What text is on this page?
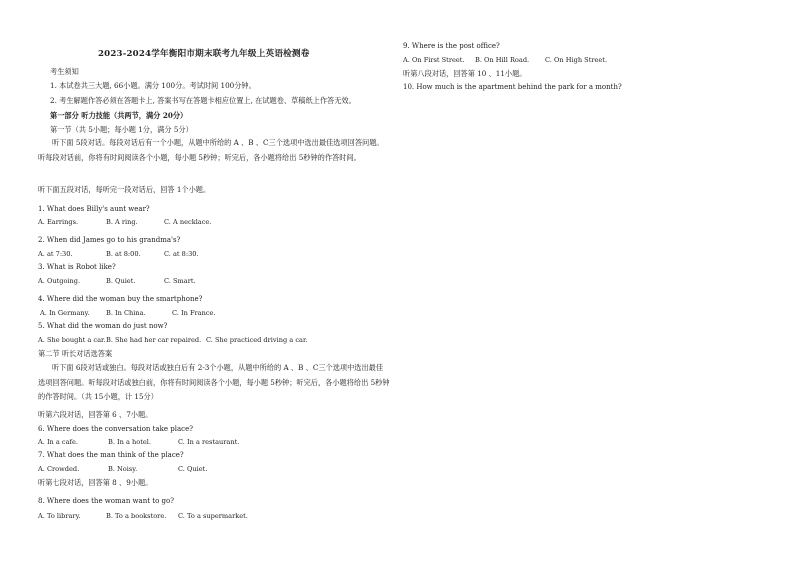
2023-2024学年衡阳市期末联考九年级上英语检测卷
考生须知
1. 本试卷共三大题, 66小题。满分 100分。考试时间 100分钟。
2. 考生解题作答必须在答题卡上, 答案书写在答题卡相应位置上, 在试题卷、草稿纸上作答无效。
第一部分 听力技能（共两节，满分 20分）
第一节（共 5小题；每小题 1分，满分 5分）
听下面 5段对话。每段对话后有一个小题，从题中所给的 A 、B 、C三个选项中选出最佳选项回答问题。 听每段对话前，你将有时间阅读各个小题，每小题 5秒钟；听完后，各小题将给出 5秒钟的作答时间。
听下面五段对话，每听完一段对话后，回答 1个小题。
1. What does Billy's aunt wear?
A. Earrings.	B. A ring.	C. A necklace.
2. When did James go to his grandma's?
A. at 7:30.	B. at 8:00.	C. at 8:30.
3. What is Robot like?
A. Outgoing.	B. Quiet.	C. Smart.
4. Where did the woman buy the smartphone?
A. In Germany. B. In China.	C. In France.
5. What did the woman do just now?
A. She bought a car. B. She had her car repaired. C. She practiced driving a car.
第二节 听长对话选答案
听下面 6段对话或独白。每段对话或独白后有 2-3个小题，从题中所给的 A 、B 、C三个选项中选出最佳选项回答问题。听每段对话或独白前，你将有时间阅读各个小题，每小题 5秒钟；听完后，各小题将给出 5秒钟的作答时间。（共 15小题，计 15分）
听第六段对话，回答第 6 、7小题。
6. Where does the conversation take place?
A. In a cafe.	B. In a hotel.	C. In a restaurant.
7. What does the man think of the place?
A. Crowded.	B. Noisy.	C. Quiet.
听第七段对话，回答第 8 、9小题。
8. Where does the woman want to go?
A. To library.	B. To a bookstore. C. To a supermarket.
9. Where is the post office?
A. On First Street. B. On Hill Road. C. On High Street.
听第八段对话，回答第 10 、11小题。
10. How much is the apartment behind the park for a month?
